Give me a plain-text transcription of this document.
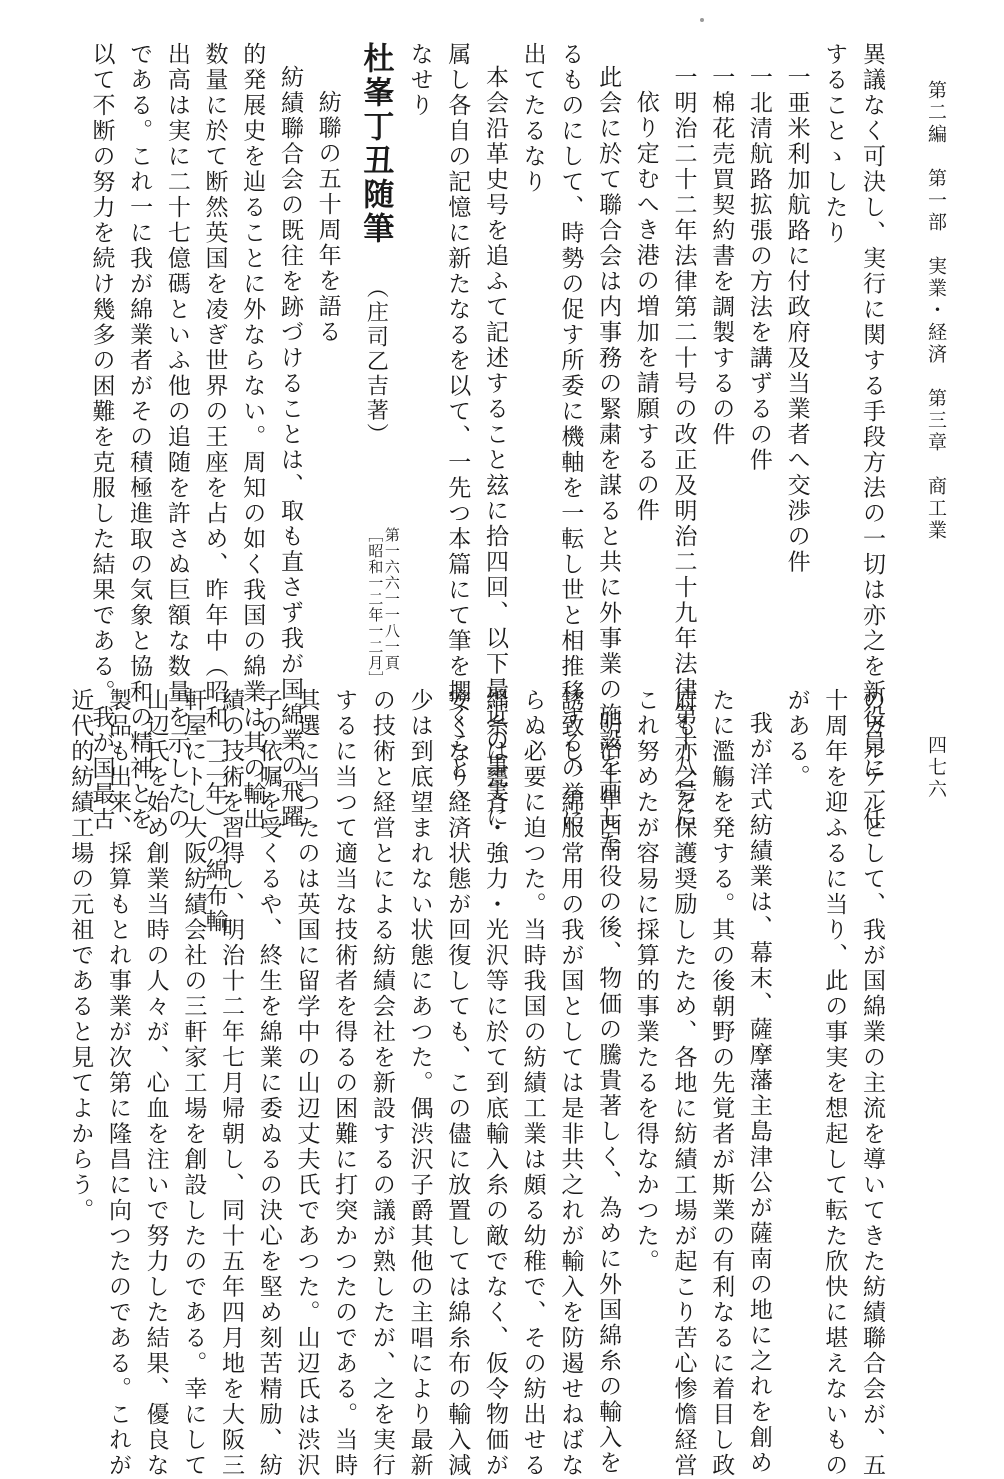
第二編　第一部　実業・経済　第三章　商工業
四七六

異議なく可決し、実行に関する手段方法の一切は亦之を新役員に一任

することゝしたり

一亜米利加航路に付政府及当業者へ交渉の件

一北清航路拡張の方法を講ずるの件

一棉花売買契約書を調製するの件

一明治二十二年法律第二十号の改正及明治二十九年法律第十八号に

依り定むへき港の増加を請願するの件

此会に於て聯合会は内事務の緊粛を謀ると共に外事業の施設を画した

るものにして、時勢の促す所委に機軸を一転し世と相推移するの挙に

出てたるなり

本会沿革史号を追ふて記述すること玆に拾四回、以下最近の事実に

属し各自の記憶に新たなるを以て、一先つ本篇にて筆を擱くことゝ

なせり

杜峯丁丑随筆 （庄司乙吉著） 第一六六一一八一頁
［昭和一二年一二月］

紡聯の五十周年を語る

紡績聯合会の既往を跡づけることは、取も直さず我が国綿業の飛躍

的発展史を辿ることに外ならない。周知の如く我国の綿業は其の輸出

数量に於て断然英国を凌ぎ世界の王座を占め、昨年中（昭和一二年）の綿布輸

出高は実に二十七億碼といふ他の追随を許さぬ巨額な数量を示したの

である。これ一に我が綿業者がその積極進取の気象と協和の精神とを

以て不断の努力を続け幾多の困難を克服した結果である。我が国最古

のカルテルとして、我が国綿業の主流を導いてきた紡績聯合会が、五

十周年を迎ふるに当り、此の事実を想起して転た欣快に堪えないもの

がある。

我が洋式紡績業は、幕末、薩摩藩主島津公が薩南の地に之れを創め

たに濫觴を発する。其の後朝野の先覚者が斯業の有利なるに着目し政

府も亦之を保護奨励したため、各地に紡績工場が起こり苦心惨憺経営

これ努めたが容易に採算的事業たるを得なかつた。

明治十年西南役の後、物価の騰貴著しく、為めに外国綿糸の輸入を

誘致し、綿服常用の我が国としては是非共之れが輸入を防遏せねばな

らぬ必要に迫つた。当時我国の紡績工業は頗る幼稚で、その紡出せる

綿糸は甕斉・強力・光沢等に於て到底輸入糸の敵でなく、仮令物価が

安くなり経済状態が回復しても、この儘に放置しては綿糸布の輸入減

少は到底望まれない状態にあつた。偶渋沢子爵其他の主唱により最新

の技術と経営とによる紡績会社を新設するの議が熟したが、之を実行

するに当つて適当な技術者を得るの困難に打突かつたのである。当時

其選に当つたのは英国に留学中の山辺丈夫氏であつた。山辺氏は渋沢

子の依嘱を受くるや、終生を綿業に委ぬるの決心を堅め刻苦精励、紡

績の技術を習得し、明治十二年七月帰朝し、同十五年四月地を大阪三

軒屋にトし大阪紡績会社の三軒家工場を創設したのである。幸にして

山辺氏を始め創業当時の人々が、心血を注いで努力した結果、優良な

製品も出来、採算もとれ事業が次第に隆昌に向つたのである。これが

近代的紡績工場の元祖であると見てよからう。
